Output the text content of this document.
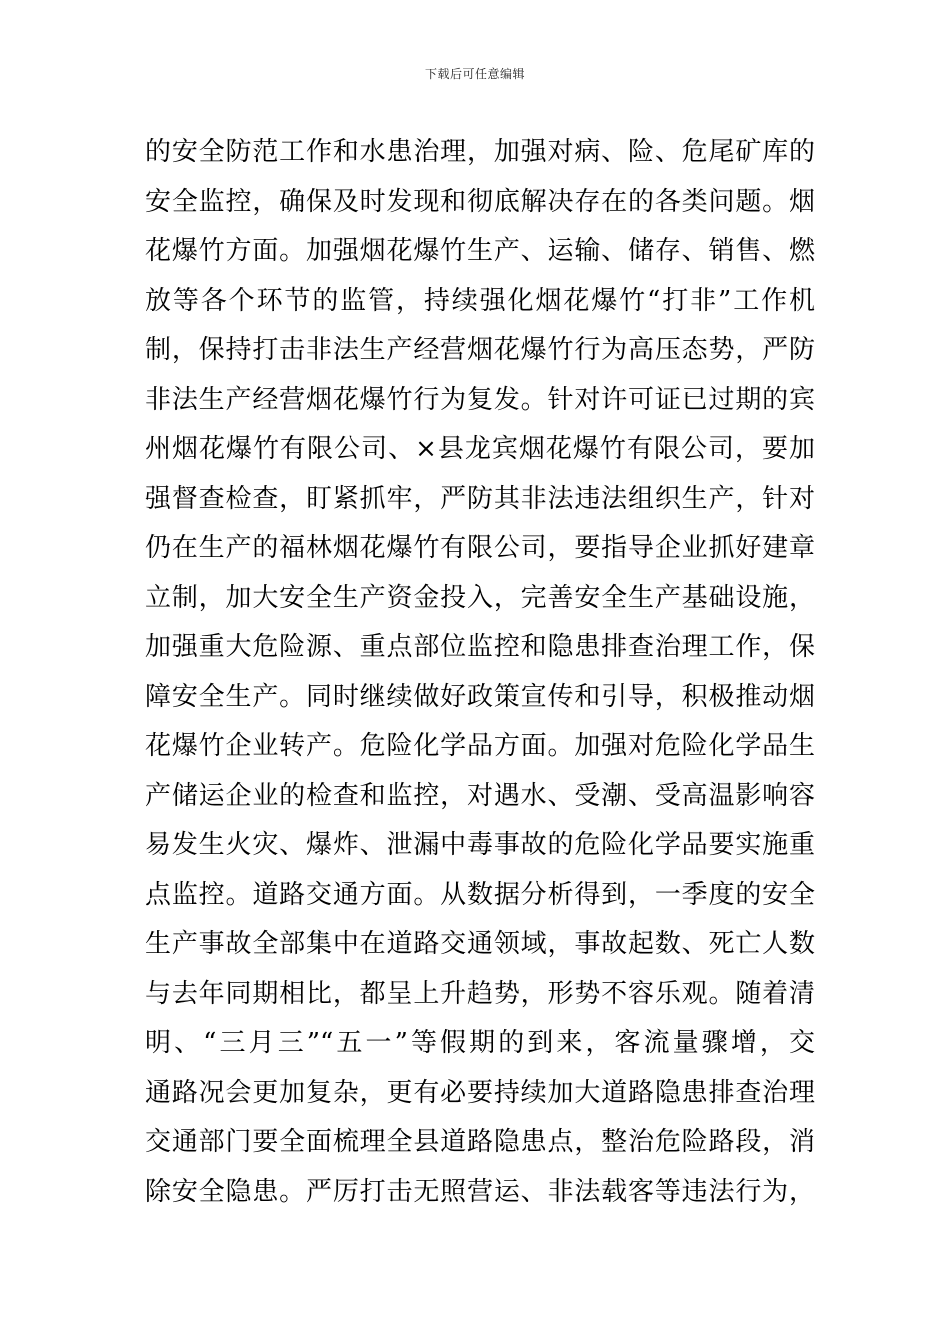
下载后可任意编辑
的安全防范工作和水患治理，加强对病、险、危尾矿库的
安全监控，确保及时发现和彻底解决存在的各类问题。烟
花爆竹方面。加强烟花爆竹生产、运输、储存、销售、燃
放等各个环节的监管，持续强化烟花爆竹“打非”工作机
制，保持打击非法生产经营烟花爆竹行为高压态势，严防
非法生产经营烟花爆竹行为复发。针对许可证已过期的宾
州烟花爆竹有限公司、×县龙宾烟花爆竹有限公司，要加
强督查检查，盯紧抓牢，严防其非法违法组织生产，针对
仍在生产的福林烟花爆竹有限公司，要指导企业抓好建章
立制，加大安全生产资金投入，完善安全生产基础设施，
加强重大危险源、重点部位监控和隐患排查治理工作，保
障安全生产。同时继续做好政策宣传和引导，积极推动烟
花爆竹企业转产。危险化学品方面。加强对危险化学品生
产储运企业的检查和监控，对遇水、受潮、受高温影响容
易发生火灾、爆炸、泄漏中毒事故的危险化学品要实施重
点监控。道路交通方面。从数据分析得到，一季度的安全
生产事故全部集中在道路交通领域，事故起数、死亡人数
与去年同期相比，都呈上升趋势，形势不容乐观。随着清
明、“三月三”“五一”等假期的到来，客流量骤增，交
通路况会更加复杂，更有必要持续加大道路隐患排查治理
交通部门要全面梳理全县道路隐患点，整治危险路段，消
除安全隐患。严厉打击无照营运、非法载客等违法行为，
